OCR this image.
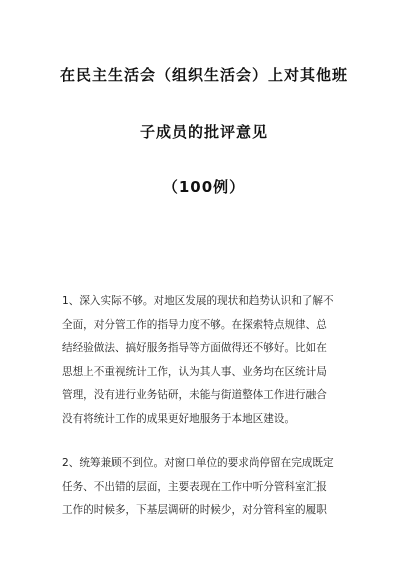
在民主生活会（组织生活会）上对其他班
子成员的批评意见
（100例）
1、深入实际不够。对地区发展的现状和趋势认识和了解不
全面，对分管工作的指导力度不够。在探索特点规律、总
结经验做法、搞好服务指导等方面做得还不够好。比如在
思想上不重视统计工作，认为其人事、业务均在区统计局
管理，没有进行业务钻研，未能与街道整体工作进行融合
没有将统计工作的成果更好地服务于本地区建设。
2、统筹兼顾不到位。对窗口单位的要求尚停留在完成既定
任务、不出错的层面，主要表现在工作中听分管科室汇报
工作的时候多，下基层调研的时候少，对分管科室的履职
